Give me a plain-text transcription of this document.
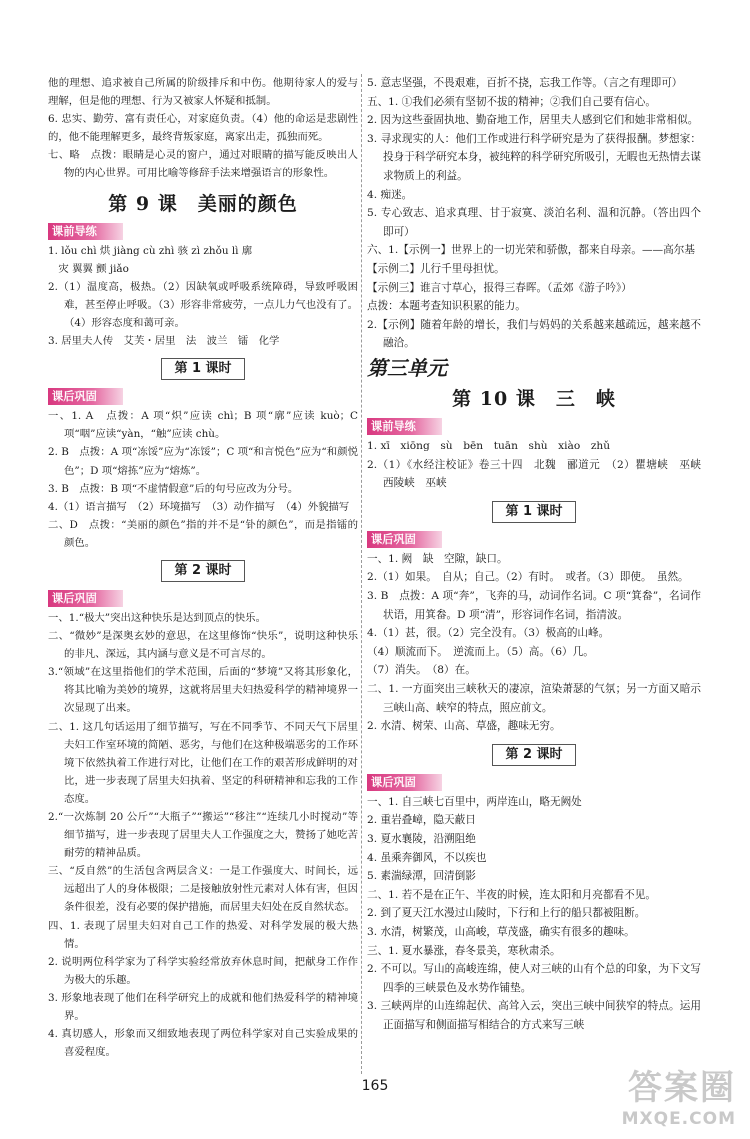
他的理想、追求被自己所属的阶级排斥和中伤。他期待家人的爱与理解，但是他的理想、行为又被家人怀疑和抵制。

6. 忠实、勤劳、富有责任心，对家庭负责。（4）他的命运是悲剧性的，他不能理解更多，最终背叛家庭，离家出走，孤独而死。

七、略　点拨：眼睛是心灵的窗户，通过对眼睛的描写能反映出人物的内心世界。可用比喻等修辞手法来增强语言的形象性。

第 9 课　美丽的颜色
课前导练

1. lǒu chì 烘 jiàng cù zhì 骇 zì zhǒu lì 廓

　灾 翼翼 颤 jiǎo

2.（1）温度高，极热。（2）因缺氧或呼吸系统障碍，导致呼吸困难，甚至停止呼吸。（3）形容非常疲劳，一点儿力气也没有了。（4）形容态度和蔼可亲。

3. 居里夫人传　艾芙・居里　法　波兰　镭　化学

第 1 课时
课后巩固

一、1. A　点拨：A 项“炽”应读 chì；B 项“廓”应读 kuò；C 项“咽”应读“yàn，“触”应读 chù。

2. B　点拨：A 项“冻馁”应为“冻馁”；C 项“和言悦色”应为“和颜悦色”；D 项“熔拣”应为“熔炼”。

3. B　点拨：B 项“不虚情假意”后的句号应改为分号。

4.（1）语言描写　（2）环境描写　（3）动作描写　（4）外貌描写

二、D　点拨：“美丽的颜色”指的并不是“钋的颜色”，而是指镭的颜色。

第 2 课时
课后巩固

一、1.“极大”突出这种快乐是达到顶点的快乐。

二、“微妙”是深奥玄妙的意思，在这里修饰“快乐”，说明这种快乐的非凡、深远，其内涵与意义是不可言尽的。

3.“领域”在这里指他们的学术范围，后面的“梦境”又将其形象化，将其比喻为美妙的境界，这就将居里夫妇热爱科学的精神境界一次显现了出来。

二、1. 这几句话运用了细节描写，写在不同季节、不同天气下居里夫妇工作室环境的简陋、恶劣，与他们在这种极端恶劣的工作环境下依然执着工作进行对比，让他们在工作的艰苦形成鲜明的对比，进一步表现了居里夫妇执着、坚定的科研精神和忘我的工作态度。

2.“一次炼制 20 公斤”“大瓶子”“搬运”“移注”“连续几小时搅动”等细节描写，进一步表现了居里夫人工作强度之大，赞扬了她吃苦耐劳的精神品质。

三、“反自然”的生活包含两层含义：一是工作强度大、时间长，远远超出了人的身体极限；二是接触放射性元素对人体有害，但因条件很差，没有必要的保护措施，而居里夫妇处在反自然状态。

四、1. 表现了居里夫妇对自己工作的热爱、对科学发展的极大热情。

2. 说明两位科学家为了科学实验经常放弃休息时间，把献身工作作为极大的乐趣。

3. 形象地表现了他们在科学研究上的成就和他们热爱科学的精神境界。

4. 真切感人，形象而又细致地表现了两位科学家对自己实验成果的喜爱程度。

5. 意志坚强，不畏艰难，百折不挠，忘我工作等。（言之有理即可）

五、1. ①我们必须有坚韧不拔的精神；②我们自己要有信心。

2. 因为这些蚕固执地、勤奋地工作，居里夫人感到它们和她非常相似。

3. 寻求现实的人：他们工作或进行科学研究是为了获得报酬。梦想家：投身于科学研究本身，被纯粹的科学研究所吸引，无暇也无热情去谋求物质上的利益。

4. 痴迷。

5. 专心致志、追求真理、甘于寂寞、淡泊名利、温和沉静。（答出四个即可）

六、1.【示例一】世界上的一切光荣和骄傲，都来自母亲。——高尔基

【示例二】儿行千里母担忧。

【示例三】谁言寸草心，报得三春晖。（孟郊《游子吟》）

点拨：本题考查知识积累的能力。

2.【示例】随着年龄的增长，我们与妈妈的关系越来越疏远，越来越不融洽。

第三单元
第 10 课　三　峡
课前导练

1. xī　xiōng　sù　bēn　tuān　shù　xiào　zhǔ

2.（1）《水经注校证》卷三十四　北魏　郦道元　（2）瞿塘峡　巫峡　西陵峡　巫峡

第 1 课时
课后巩固

一、1. 阙　缺　空隙，缺口。

2.（1）如果。　自从；自己。（2）有时。　或者。（3）即使。　虽然。

3. B　点拨：A 项“奔”，飞奔的马，动词作名词。C 项“箕畚”，名词作状语，用箕畚。D 项“清”，形容词作名词，指清波。

4.（1）甚，很。（2）完全没有。（3）极高的山峰。

（4）顺流而下。　逆流而上。（5）高。（6）几。

（7）消失。　（8）在。

二、1. 一方面突出三峡秋天的凄凉，渲染萧瑟的气氛；另一方面又暗示三峡山高、峡窄的特点，照应前文。

2. 水清、树荣、山高、草盛，趣味无穷。

第 2 课时
课后巩固

一、1. 自三峡七百里中，两岸连山，略无阙处

2. 重岩叠嶂，隐天蔽日

3. 夏水襄陵，沿溯阻绝

4. 虽乘奔御风，不以疾也

5. 素湍绿潭，回清倒影

二、1. 若不是在正午、半夜的时候，连太阳和月亮都看不见。

2. 到了夏天江水漫过山陵时，下行和上行的船只都被阻断。

3. 水清，树繁茂，山高峻，草茂盛，确实有很多的趣味。

三、1. 夏水暴涨，春冬景美，寒秋肃杀。

2. 不可以。写山的高峻连绵，使人对三峡的山有个总的印象，为下文写四季的三峡景色及水势作铺垫。

3. 三峡两岸的山连绵起伏、高耸入云，突出三峡中间狭窄的特点。运用正面描写和侧面描写相结合的方式来写三峡

165	答案圈
MXQE.COM
